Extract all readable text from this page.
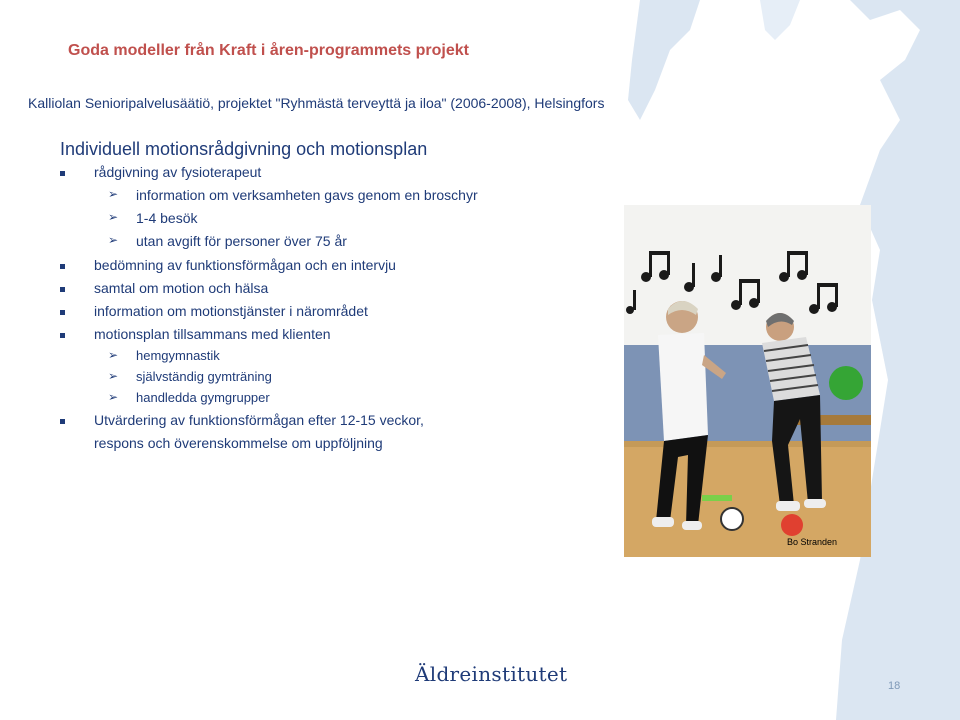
Goda modeller från Kraft i åren-programmets projekt
Kalliolan Senioripalvelusäätiö, projektet "Ryhmästä terveyttä ja iloa" (2006-2008), Helsingfors
Individuell motionsrådgivning och motionsplan
rådgivning av fysioterapeut
➢ information om verksamheten gavs genom en broschyr
➢ 1-4 besök
➢ utan avgift för personer över 75 år
bedömning av funktionsförmågan och en intervju
samtal om motion och hälsa
information om motionstjänster i närområdet
motionsplan tillsammans med klienten
➢ hemgymnastik
➢ självständig gymträning
➢ handledda gymgrupper
Utvärdering av funktionsförmågan efter 12-15 veckor,
respons och överenskommelse om uppföljning
Bo Stranden
Äldreinstitutet	18
